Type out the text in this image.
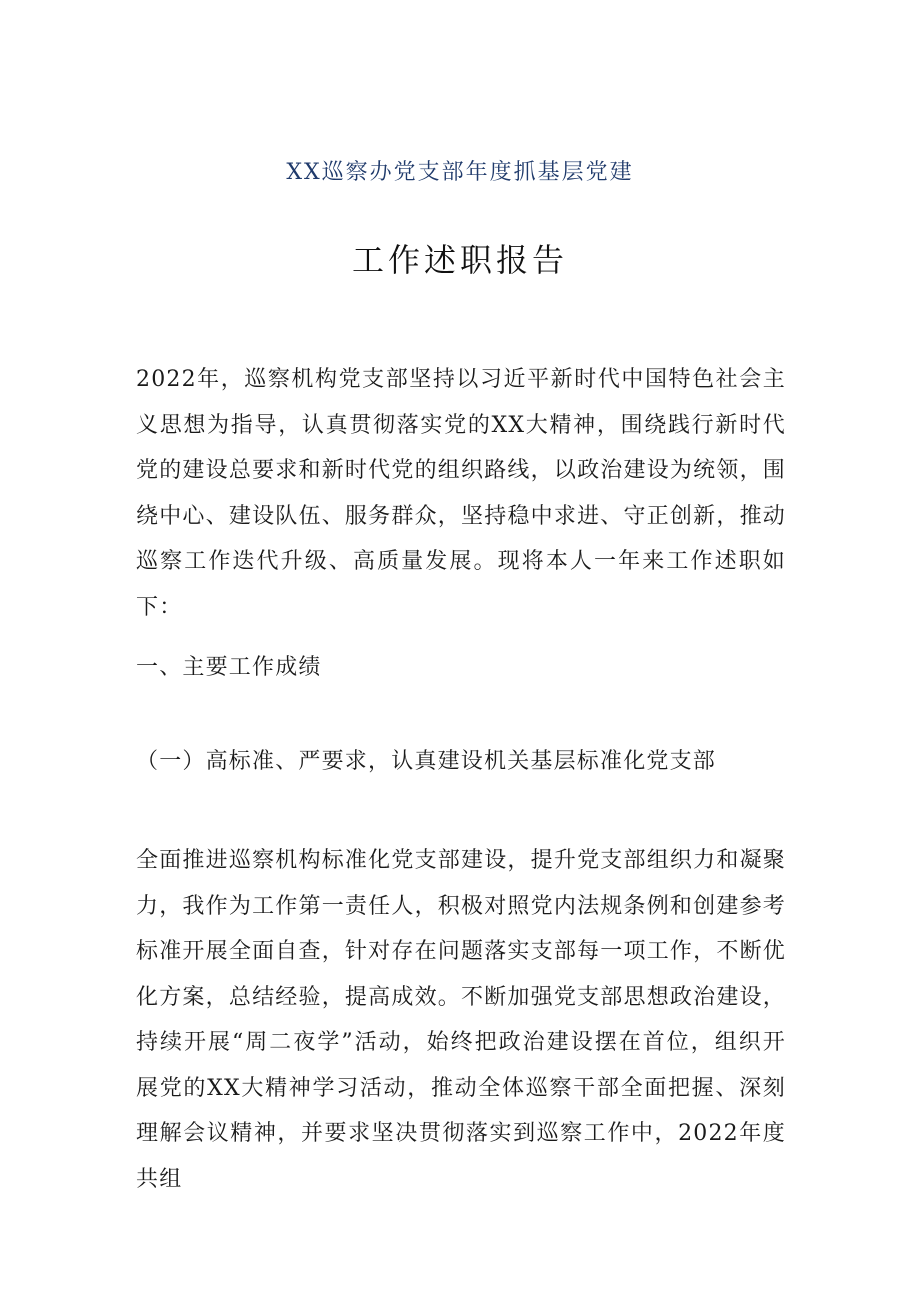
XX巡察办党支部年度抓基层党建
工作述职报告
2022年，巡察机构党支部坚持以习近平新时代中国特色社会主义思想为指导，认真贯彻落实党的XX大精神，围绕践行新时代党的建设总要求和新时代党的组织路线，以政治建设为统领，围绕中心、建设队伍、服务群众，坚持稳中求进、守正创新，推动巡察工作迭代升级、高质量发展。现将本人一年来工作述职如下：
一、主要工作成绩
（一）高标准、严要求，认真建设机关基层标准化党支部
全面推进巡察机构标准化党支部建设，提升党支部组织力和凝聚力，我作为工作第一责任人，积极对照党内法规条例和创建参考标准开展全面自查，针对存在问题落实支部每一项工作，不断优化方案，总结经验，提高成效。不断加强党支部思想政治建设，持续开展“周二夜学”活动，始终把政治建设摆在首位，组织开展党的XX大精神学习活动，推动全体巡察干部全面把握、深刻理解会议精神，并要求坚决贯彻落实到巡察工作中，2022年度共组
